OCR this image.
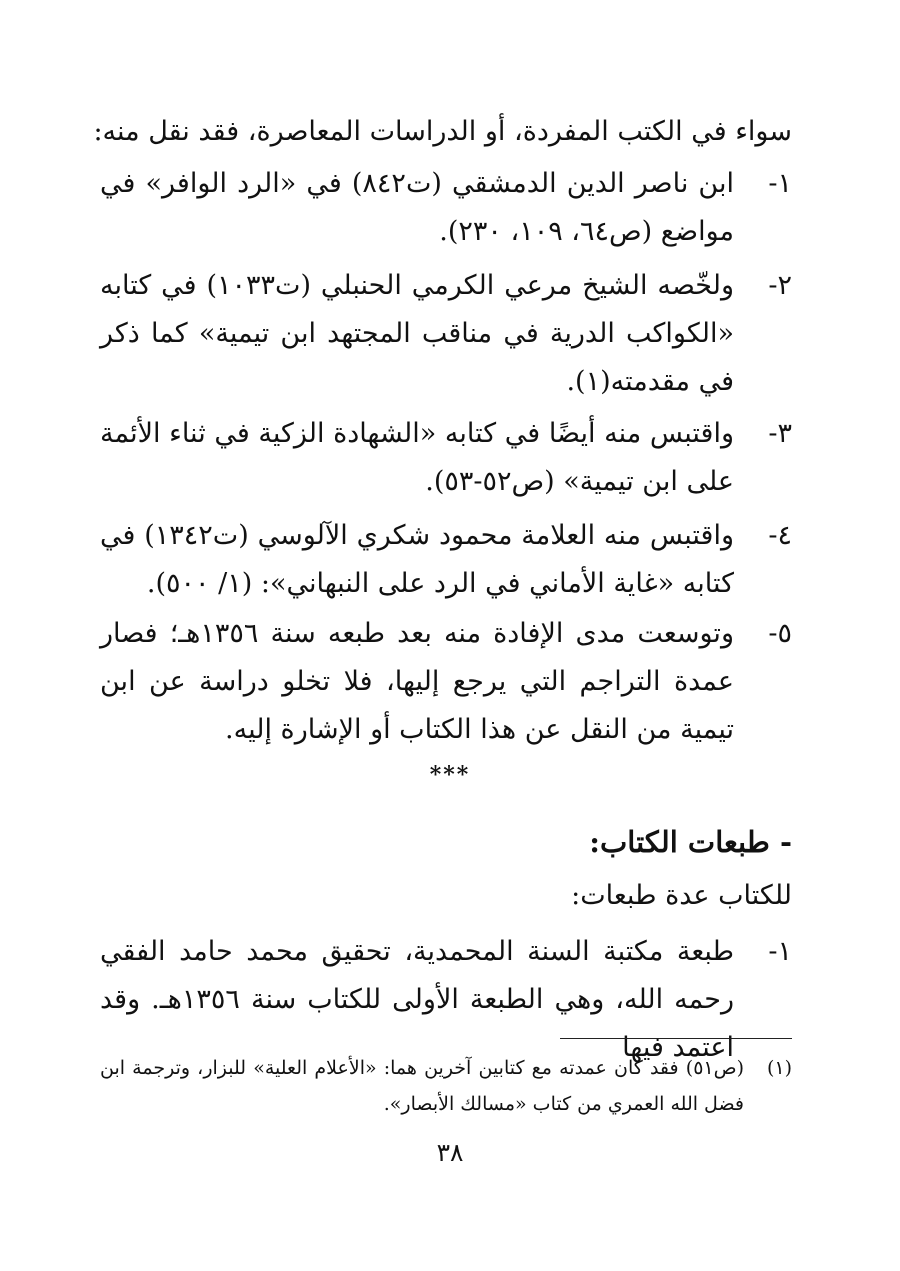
سواء في الكتب المفردة، أو الدراسات المعاصرة، فقد نقل منه:
١-
ابن ناصر الدين الدمشقي (ت٨٤٢) في «الرد الوافر» في مواضع (ص٦٤، ١٠٩، ٢٣٠).
٢-
ولخّصه الشيخ مرعي الكرمي الحنبلي (ت١٠٣٣) في كتابه «الكواكب الدرية في مناقب المجتهد ابن تيمية» كما ذكر في مقدمته(١).
٣-
واقتبس منه أيضًا في كتابه «الشهادة الزكية في ثناء الأئمة على ابن تيمية» (ص٥٢-٥٣).
٤-
واقتبس منه العلامة محمود شكري الآلوسي (ت١٣٤٢) في كتابه «غاية الأماني في الرد على النبهاني»: (١/ ٥٠٠).
٥-
وتوسعت مدى الإفادة منه بعد طبعه سنة ١٣٥٦هـ؛ فصار عمدة التراجم التي يرجع إليها، فلا تخلو دراسة عن ابن تيمية من النقل عن هذا الكتاب أو الإشارة إليه.
***
- طبعات الكتاب:
للكتاب عدة طبعات:
١-
طبعة مكتبة السنة المحمدية، تحقيق محمد حامد الفقي رحمه الله، وهي الطبعة الأولى للكتاب سنة ١٣٥٦هـ. وقد اعتمد فيها
(١)
(ص٥١) فقد كان عمدته مع كتابين آخرين هما: «الأعلام العلية» للبزار، وترجمة ابن فضل الله العمري من كتاب «مسالك الأبصار».
٣٨
